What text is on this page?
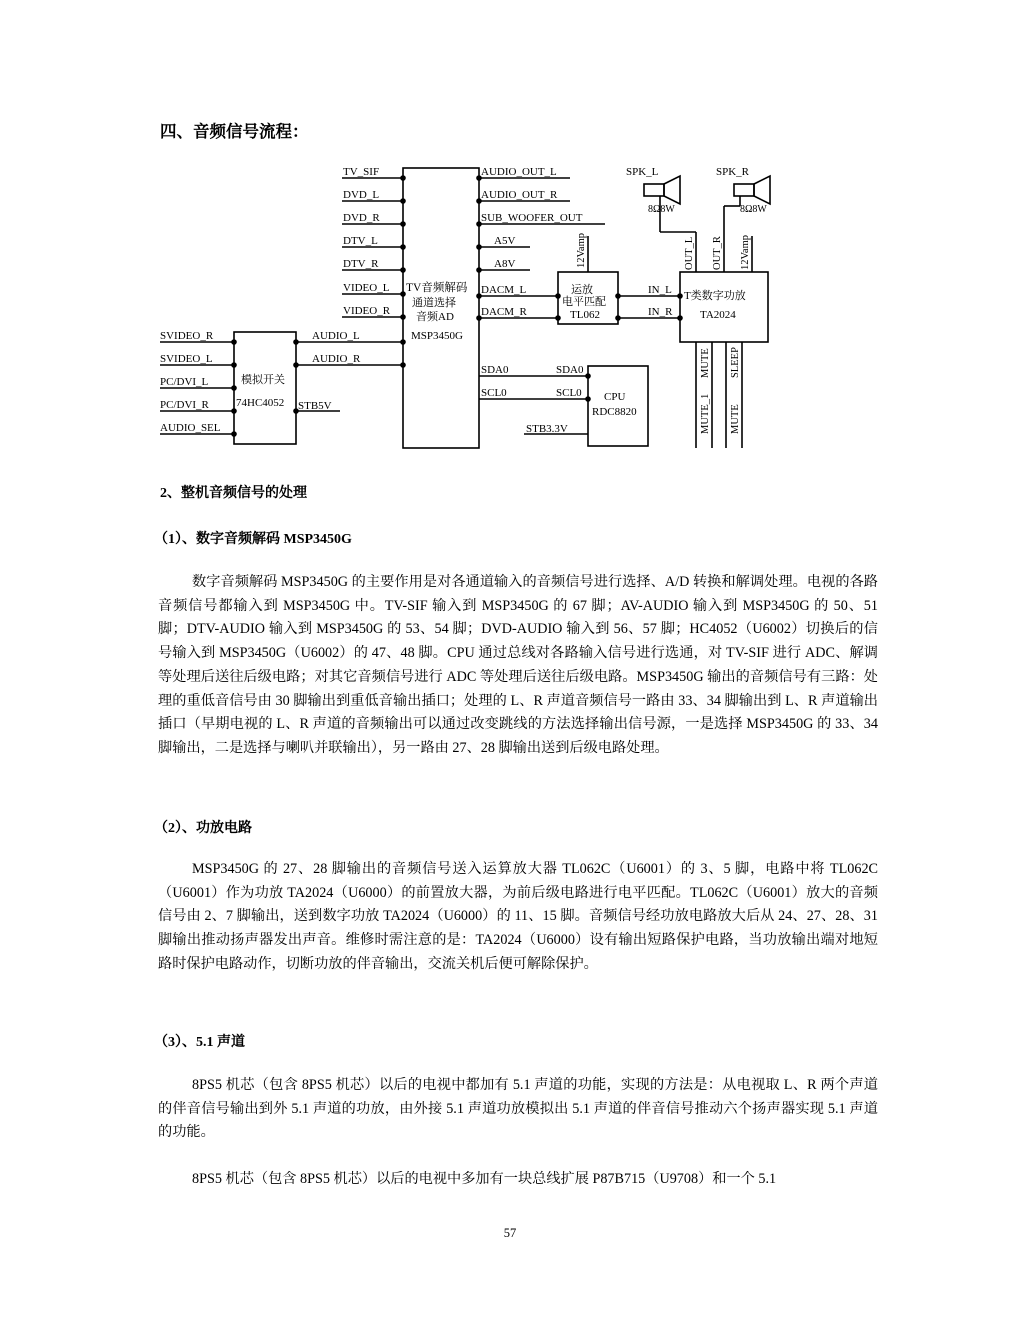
四、音频信号流程：
TV_SIF
DVD_L
DVD_R
DTV_L
DTV_R
VIDEO_L
VIDEO_R
AUDIO_OUT_L
AUDIO_OUT_R
SUB_WOOFER_OUT
A5V
A8V
DACM_L
DACM_R
TV音频解码
通道选择
音频AD
MSP3450G
SVIDEO_R
SVIDEO_L
PC/DVI_L
PC/DVI_R
AUDIO_SEL
模拟开关
74HC4052
AUDIO_L
AUDIO_R
STB5V
运放
电平匹配
TL062
12Vamp
IN_L
IN_R
T类数字功放
TA2024
OUT_L OUT_R 12Vamp
MUTE SLEEP
MUTE_1 MUTE
SPK_L
8Ω8W
SPK_R
8Ω8W
SDA0
SCL0
SDA0
SCL0
STB3.3V
CPU
RDC8820
2、整机音频信号的处理
（1）、数字音频解码 MSP3450G
数字音频解码 MSP3450G 的主要作用是对各通道输入的音频信号进行选择、A/D 转换和解调处理。电视的各路音频信号都输入到 MSP3450G 中。TV-SIF 输入到 MSP3450G 的 67 脚；AV-AUDIO 输入到 MSP3450G 的 50、51 脚；DTV-AUDIO 输入到 MSP3450G 的 53、54 脚；DVD-AUDIO 输入到 56、57 脚；HC4052（U6002）切换后的信号输入到 MSP3450G（U6002）的 47、48 脚。CPU 通过总线对各路输入信号进行选通，对 TV-SIF 进行 ADC、解调等处理后送往后级电路；对其它音频信号进行 ADC 等处理后送往后级电路。MSP3450G 输出的音频信号有三路：处理的重低音信号由 30 脚输出到重低音输出插口；处理的 L、R 声道音频信号一路由 33、34 脚输出到 L、R 声道输出插口（早期电视的 L、R 声道的音频输出可以通过改变跳线的方法选择输出信号源，一是选择 MSP3450G 的 33、34 脚输出，二是选择与喇叭并联输出），另一路由 27、28 脚输出送到后级电路处理。
（2）、功放电路
MSP3450G 的 27、28 脚输出的音频信号送入运算放大器 TL062C（U6001）的 3、5 脚，电路中将 TL062C（U6001）作为功放 TA2024（U6000）的前置放大器，为前后级电路进行电平匹配。TL062C（U6001）放大的音频信号由 2、7 脚输出，送到数字功放 TA2024（U6000）的 11、15 脚。音频信号经功放电路放大后从 24、27、28、31 脚输出推动扬声器发出声音。维修时需注意的是：TA2024（U6000）设有输出短路保护电路，当功放输出端对地短路时保护电路动作，切断功放的伴音输出，交流关机后便可解除保护。
（3）、5.1 声道
8PS5 机芯（包含 8PS5 机芯）以后的电视中都加有 5.1 声道的功能，实现的方法是：从电视取 L、R 两个声道的伴音信号输出到外 5.1 声道的功放，由外接 5.1 声道功放模拟出 5.1 声道的伴音信号推动六个扬声器实现 5.1 声道的功能。
8PS5 机芯（包含 8PS5 机芯）以后的电视中多加有一块总线扩展 P87B715（U9708）和一个 5.1
57
